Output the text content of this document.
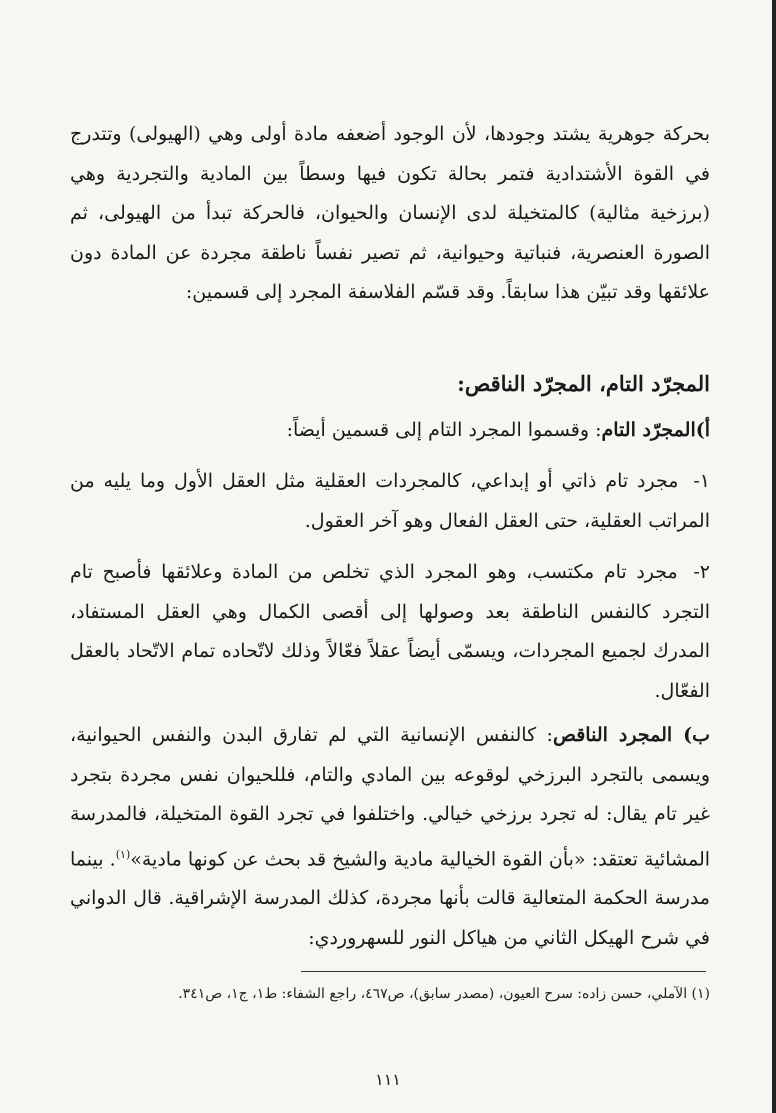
بحركة جوهرية يشتد وجودها، لأن الوجود أضعفه مادة أولى وهي (الهيولى) وتتدرج في القوة الأشتدادية فتمر بحالة تكون فيها وسطاً بين المادية والتجردية وهي (برزخية مثالية) كالمتخيلة لدى الإنسان والحيوان، فالحركة تبدأ من الهيولى، ثم الصورة العنصرية، فنباتية وحيوانية، ثم تصير نفساً ناطقة مجردة عن المادة دون علائقها وقد تبيّن هذا سابقاً. وقد قسّم الفلاسفة المجرد إلى قسمين:

المجرّد التام، المجرّد الناقص:
أ)المجرّد التام: وقسموا المجرد التام إلى قسمين أيضاً:
١- مجرد تام ذاتي أو إبداعي، كالمجردات العقلية مثل العقل الأول وما يليه من المراتب العقلية، حتى العقل الفعال وهو آخر العقول.
٢- مجرد تام مكتسب، وهو المجرد الذي تخلص من المادة وعلائقها فأصبح تام التجرد كالنفس الناطقة بعد وصولها إلى أقصى الكمال وهي العقل المستفاد، المدرك لجميع المجردات، ويسمّى أيضاً عقلاً فعّالاً وذلك لاتّحاده تمام الاتّحاد بالعقل الفعّال.

ب) المجرد الناقص: كالنفس الإنسانية التي لم تفارق البدن والنفس الحيوانية، ويسمى بالتجرد البرزخي لوقوعه بين المادي والتام، فللحيوان نفس مجردة بتجرد غير تام يقال: له تجرد برزخي خيالي. واختلفوا في تجرد القوة المتخيلة، فالمدرسة المشائية تعتقد: «بأن القوة الخيالية مادية والشيخ قد بحث عن كونها مادية»$^{(١)}$. بينما مدرسة الحكمة المتعالية قالت بأنها مجردة، كذلك المدرسة الإشراقية. قال الدواني في شرح الهيكل الثاني من هياكل النور للسهروردي:

(١) الآملي، حسن زاده: سرح العيون، (مصدر سابق)، ص٤٦٧، راجع الشفاء: ط١، ج١، ص٣٤١.
١١١
